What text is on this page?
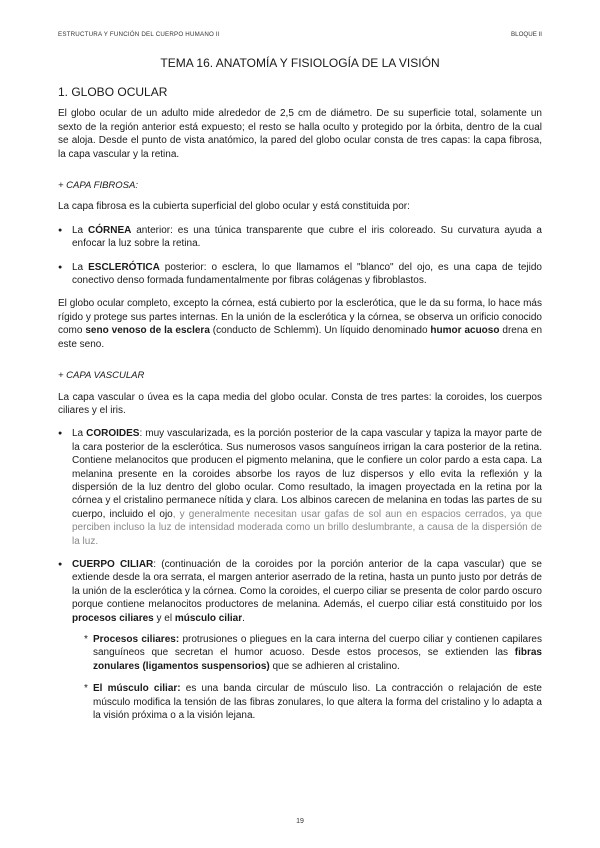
ESTRUCTURA Y FUNCIÓN DEL CUERPO HUMANO II	BLOQUE II
TEMA 16. ANATOMÍA Y FISIOLOGÍA DE LA VISIÓN
1. GLOBO OCULAR

El globo ocular de un adulto mide alrededor de 2,5 cm de diámetro. De su superficie total, solamente un sexto de la región anterior está expuesto; el resto se halla oculto y protegido por la órbita, dentro de la cual se aloja. Desde el punto de vista anatómico, la pared del globo ocular consta de tres capas: la capa fibrosa, la capa vascular y la retina.

+ CAPA FIBROSA:

La capa fibrosa es la cubierta superficial del globo ocular y está constituida por:

● La CÓRNEA anterior: es una túnica transparente que cubre el iris coloreado. Su curvatura ayuda a enfocar la luz sobre la retina.
● La ESCLERÓTICA posterior: o esclera, lo que llamamos el "blanco" del ojo, es una capa de tejido conectivo denso formada fundamentalmente por fibras colágenas y fibroblastos.

El globo ocular completo, excepto la córnea, está cubierto por la esclerótica, que le da su forma, lo hace más rígido y protege sus partes internas. En la unión de la esclerótica y la córnea, se observa un orificio conocido como seno venoso de la esclera (conducto de Schlemm). Un líquido denominado humor acuoso drena en este seno.

+ CAPA VASCULAR

La capa vascular o úvea es la capa media del globo ocular. Consta de tres partes: la coroides, los cuerpos ciliares y el iris.

● La COROIDES: muy vascularizada, es la porción posterior de la capa vascular y tapiza la mayor parte de la cara posterior de la esclerótica. Sus numerosos vasos sanguíneos irrigan la cara posterior de la retina. Contiene melanocitos que producen el pigmento melanina, que le confiere un color pardo a esta capa. La melanina presente en la coroides absorbe los rayos de luz dispersos y ello evita la reflexión y la dispersión de la luz dentro del globo ocular. Como resultado, la imagen proyectada en la retina por la córnea y el cristalino permanece nítida y clara. Los albinos carecen de melanina en todas las partes de su cuerpo, incluido el ojo, y generalmente necesitan usar gafas de sol aun en espacios cerrados, ya que perciben incluso la luz de intensidad moderada como un brillo deslumbrante, a causa de la dispersión de la luz.
● CUERPO CILIAR: (continuación de la coroides por la porción anterior de la capa vascular) que se extiende desde la ora serrata, el margen anterior aserrado de la retina, hasta un punto justo por detrás de la unión de la esclerótica y la córnea. Como la coroides, el cuerpo ciliar se presenta de color pardo oscuro porque contiene melanocitos productores de melanina. Además, el cuerpo ciliar está constituido por los procesos ciliares y el músculo ciliar.
* Procesos ciliares: protrusiones o pliegues en la cara interna del cuerpo ciliar y contienen capilares sanguíneos que secretan el humor acuoso. Desde estos procesos, se extienden las fibras zonulares (ligamentos suspensorios) que se adhieren al cristalino.
* El músculo ciliar: es una banda circular de músculo liso. La contracción o relajación de este músculo modifica la tensión de las fibras zonulares, lo que altera la forma del cristalino y lo adapta a la visión próxima o a la visión lejana.
19
